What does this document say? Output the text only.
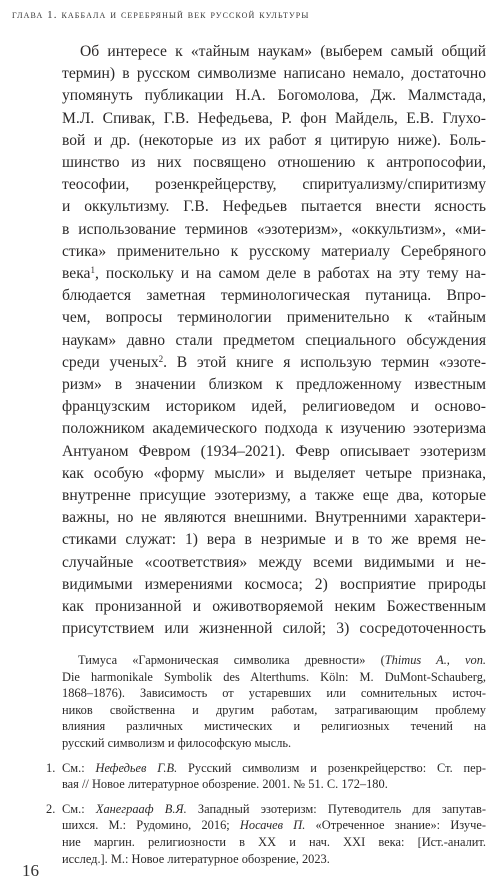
глава 1. каббала и серебряный век русской культуры
Об интересе к «тайным наукам» (выберем самый общий
термин) в русском символизме написано немало, достаточно
упомянуть публикации Н.А. Богомолова, Дж. Малмстада,
М.Л. Спивак, Г.В. Нефедьева, Р. фон Майдель, Е.В. Глухо-
вой и др. (некоторые из их работ я цитирую ниже). Боль-
шинство из них посвящено отношению к антропософии,
теософии, розенкрейцерству, спиритуализму/спиритизму
и оккультизму. Г.В. Нефедьев пытается внести ясность
в использование терминов «эзотеризм», «оккультизм», «ми-
стика» применительно к русскому материалу Серебряного
века$^1$, поскольку и на самом деле в работах на эту тему на-
блюдается заметная терминологическая путаница. Впро-
чем, вопросы терминологии применительно к «тайным
наукам» давно стали предметом специального обсуждения
среди ученых$^2$. В этой книге я использую термин «эзоте-
ризм» в значении близком к предложенному известным
французским историком идей, религиоведом и осново-
положником академического подхода к изучению эзотеризма
Антуаном Февром (1934–2021). Февр описывает эзотеризм
как особую «форму мысли» и выделяет четыре признака,
внутренне присущие эзотеризму, а также еще два, которые
важны, но не являются внешними. Внутренними характери-
стиками служат: 1) вера в незримые и в то же время не-
случайные «соответствия» между всеми видимыми и не-
видимыми измерениями космоса; 2) восприятие природы
как пронизанной и оживотворяемой неким Божественным
присутствием или жизненной силой; 3) сосредоточенность
Тимуса «Гармоническая символика древности» (Thimus A., von.
Die harmonikale Symbolik des Alterthums. Köln: M. DuMont-Schauberg,
1868–1876). Зависимость от устаревших или сомнительных источ-
ников свойственна и другим работам, затрагивающим проблему
влияния различных мистических и религиозных течений на
русский символизм и философскую мысль.
1. См.: Нефедьев Г.В. Русский символизм и розенкрейцерство: Ст. пер-
вая // Новое литературное обозрение. 2001. № 51. С. 172–180.
2. См.: Ханеграаф В.Я. Западный эзотеризм: Путеводитель для запутав-
шихся. М.: Рудомино, 2016; Носачев П. «Отреченное знание»: Изуче-
ние маргин. религиозности в XX и нач. XXI века: [Ист.-аналит.
исслед.]. М.: Новое литературное обозрение, 2023.
16
